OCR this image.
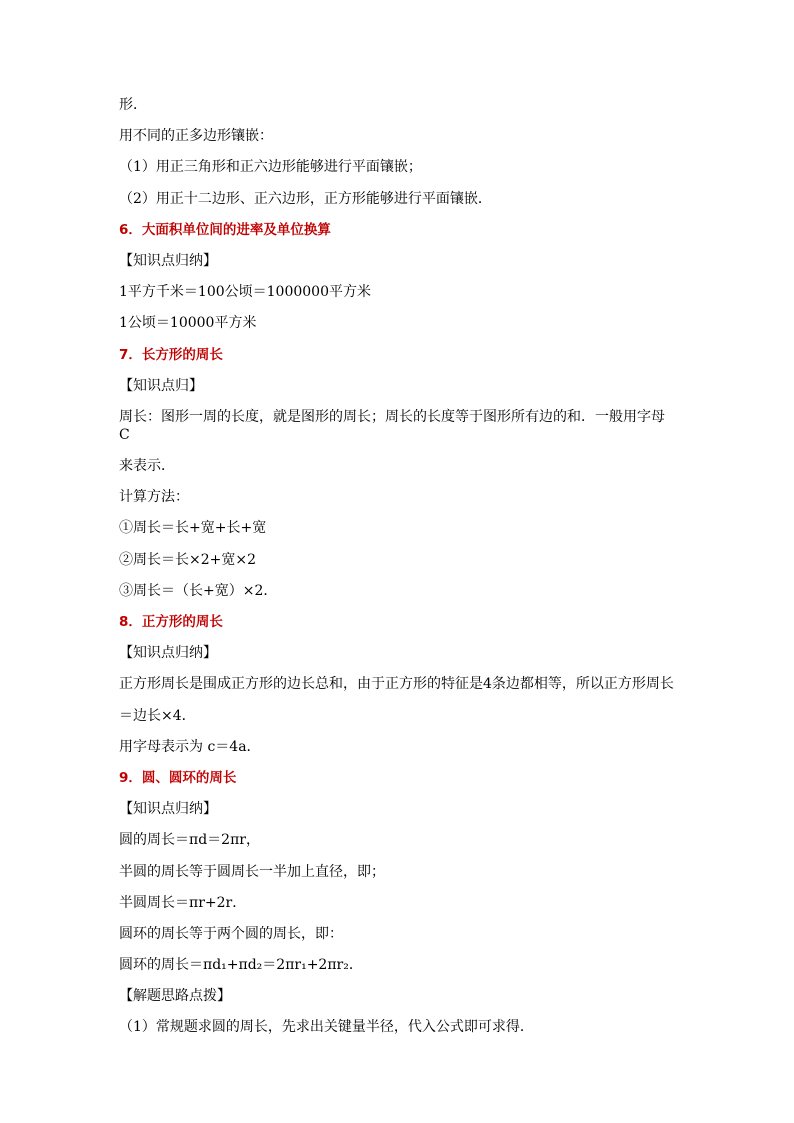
形．
用不同的正多边形镶嵌：
（1）用正三角形和正六边形能够进行平面镶嵌；
（2）用正十二边形、正六边形，正方形能够进行平面镶嵌．
6．大面积单位间的进率及单位换算
【知识点归纳】
1平方千米＝100公顷＝1000000平方米
1公顷＝10000平方米
7．长方形的周长
【知识点归】
周长：图形一周的长度，就是图形的周长；周长的长度等于图形所有边的和．一般用字母 C
来表示．
计算方法：
①周长＝长+宽+长+宽
②周长＝长×2+宽×2
③周长＝（长+宽）×2．
8．正方形的周长
【知识点归纳】
正方形周长是围成正方形的边长总和，由于正方形的特征是4条边都相等，所以正方形周长
＝边长×4．
用字母表示为 c＝4a．
9．圆、圆环的周长
【知识点归纳】
圆的周长＝πd＝2πr，
半圆的周长等于圆周长一半加上直径，即；
半圆周长＝πr+2r．
圆环的周长等于两个圆的周长，即：
圆环的周长＝πd₁+πd₂＝2πr₁+2πr₂．
【解题思路点拨】
（1）常规题求圆的周长，先求出关键量半径，代入公式即可求得．
